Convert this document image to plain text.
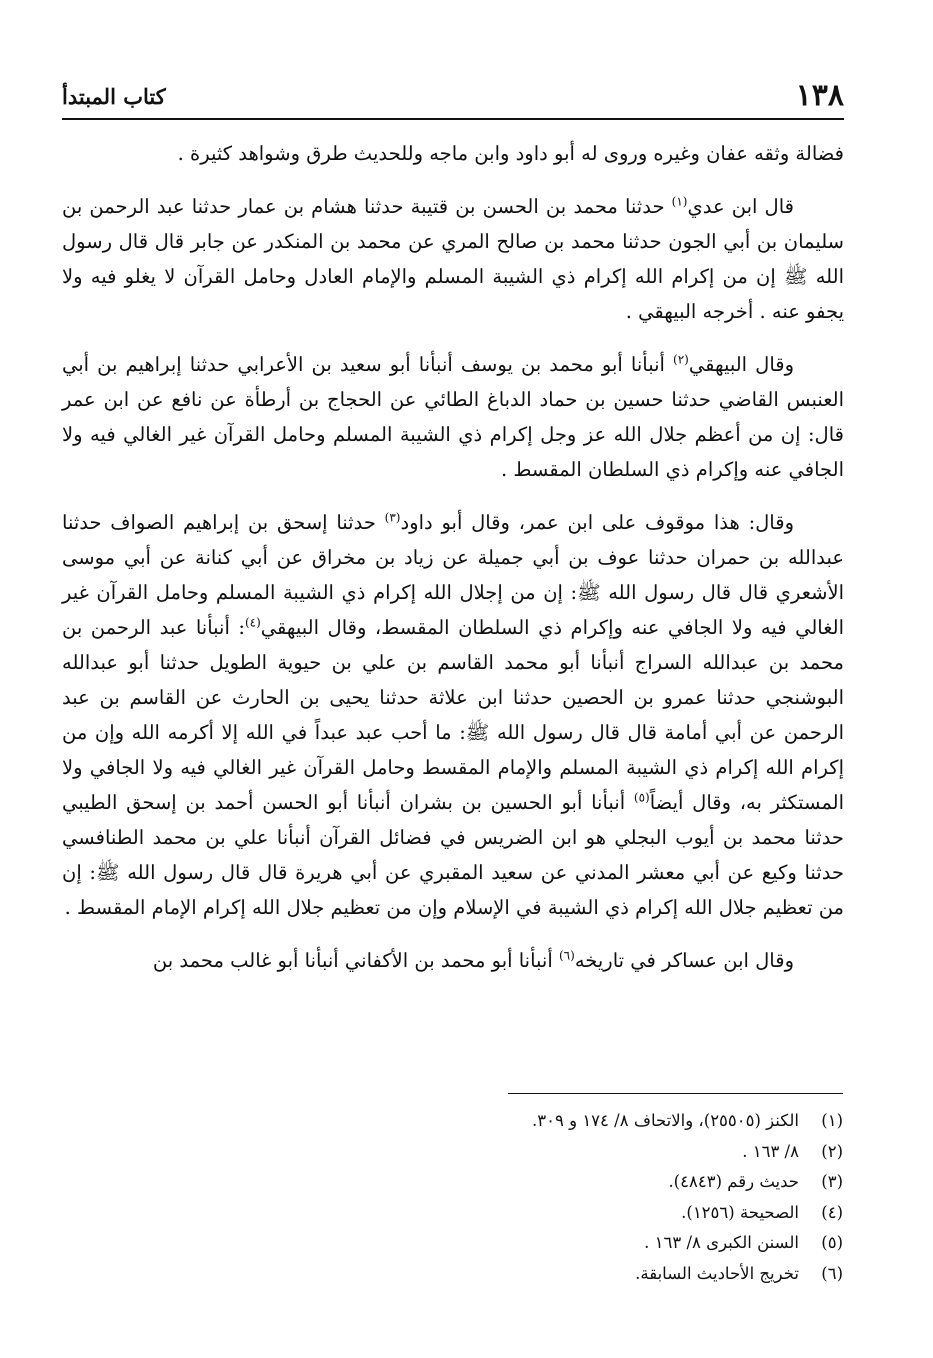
١٣٨
كتاب المبتدأ

فضالة وثقه عفان وغيره وروى له أبو داود وابن ماجه وللحديث طرق وشواهد كثيرة .

قال ابن عدي$^{(١)}$ حدثنا محمد بن الحسن بن قتيبة حدثنا هشام بن عمار حدثنا عبد الرحمن بن سليمان بن أبي الجون حدثنا محمد بن صالح المري عن محمد بن المنكدر عن جابر قال قال رسول الله ﷺ إن من إكرام الله إكرام ذي الشيبة المسلم والإمام العادل وحامل القرآن لا يغلو فيه ولا يجفو عنه . أخرجه البيهقي .

وقال البيهقي$^{(٢)}$ أنبأنا أبو محمد بن يوسف أنبأنا أبو سعيد بن الأعرابي حدثنا إبراهيم بن أبي العنبس القاضي حدثنا حسين بن حماد الدباغ الطائي عن الحجاج بن أرطأة عن نافع عن ابن عمر قال: إن من أعظم جلال الله عز وجل إكرام ذي الشيبة المسلم وحامل القرآن غير الغالي فيه ولا الجافي عنه وإكرام ذي السلطان المقسط .

وقال: هذا موقوف على ابن عمر، وقال أبو داود$^{(٣)}$ حدثنا إسحق بن إبراهيم الصواف حدثنا عبدالله بن حمران حدثنا عوف بن أبي جميلة عن زياد بن مخراق عن أبي كنانة عن أبي موسى الأشعري قال قال رسول الله ﷺ: إن من إجلال الله إكرام ذي الشيبة المسلم وحامل القرآن غير الغالي فيه ولا الجافي عنه وإكرام ذي السلطان المقسط، وقال البيهقي$^{(٤)}$: أنبأنا عبد الرحمن بن محمد بن عبدالله السراج أنبأنا أبو محمد القاسم بن علي بن حيوية الطويل حدثنا أبو عبدالله البوشنجي حدثنا عمرو بن الحصين حدثنا ابن علاثة حدثنا يحيى بن الحارث عن القاسم بن عبد الرحمن عن أبي أمامة قال قال رسول الله ﷺ: ما أحب عبد عبداً في الله إلا أكرمه الله وإن من إكرام الله إكرام ذي الشيبة المسلم والإمام المقسط وحامل القرآن غير الغالي فيه ولا الجافي ولا المستكثر به، وقال أيضاً$^{(٥)}$ أنبأنا أبو الحسين بن بشران أنبأنا أبو الحسن أحمد بن إسحق الطيبي حدثنا محمد بن أيوب البجلي هو ابن الضريس في فضائل القرآن أنبأنا علي بن محمد الطنافسي حدثنا وكيع عن أبي معشر المدني عن سعيد المقبري عن أبي هريرة قال قال رسول الله ﷺ: إن من تعظيم جلال الله إكرام ذي الشيبة في الإسلام وإن من تعظيم جلال الله إكرام الإمام المقسط .

وقال ابن عساكر في تاريخه$^{(٦)}$ أنبأنا أبو محمد بن الأكفاني أنبأنا أبو غالب محمد بن

(١)
الكنز (٢٥٥٠٥)، والاتحاف ٨/ ١٧٤ و ٣٠٩.
(٢)
٨/ ١٦٣ .
(٣)
حديث رقم (٤٨٤٣).
(٤)
الصحيحة (١٢٥٦).
(٥)
السنن الكبرى ٨/ ١٦٣ .
(٦)
تخريج الأحاديث السابقة.
